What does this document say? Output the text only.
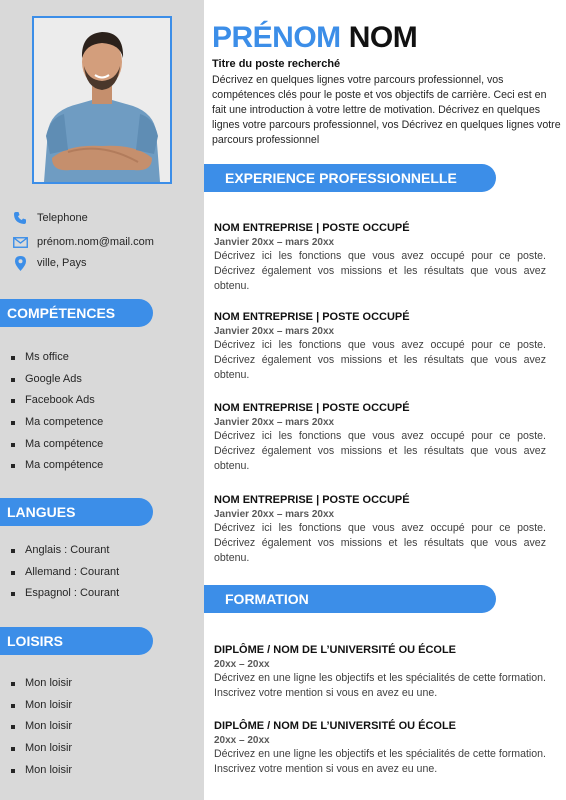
Telephone
prénom.nom@mail.com
ville, Pays
COMPÉTENCES
Ms office
Google Ads
Facebook Ads
Ma competence
Ma compétence
Ma compétence
LANGUES
Anglais : Courant
Allemand : Courant
Espagnol : Courant
LOISIRS
Mon loisir
Mon loisir
Mon loisir
Mon loisir
Mon loisir
PRÉNOM NOM
Titre du poste recherché
Décrivez en quelques lignes votre parcours professionnel, vos compétences clés pour le poste et vos objectifs de carrière. Ceci est en fait une introduction à votre lettre de motivation. Décrivez en quelques lignes votre parcours professionnel, vos Décrivez en quelques lignes votre parcours professionnel
EXPERIENCE PROFESSIONNELLE
NOM ENTREPRISE | POSTE OCCUPÉ
Janvier 20xx – mars 20xx
Décrivez ici les fonctions que vous avez occupé pour ce poste. Décrivez également vos missions et les résultats que vous avez obtenu.
NOM ENTREPRISE | POSTE OCCUPÉ
Janvier 20xx – mars 20xx
Décrivez ici les fonctions que vous avez occupé pour ce poste. Décrivez également vos missions et les résultats que vous avez obtenu.
NOM ENTREPRISE | POSTE OCCUPÉ
Janvier 20xx – mars 20xx
Décrivez ici les fonctions que vous avez occupé pour ce poste. Décrivez également vos missions et les résultats que vous avez obtenu.
NOM ENTREPRISE | POSTE OCCUPÉ
Janvier 20xx – mars 20xx
Décrivez ici les fonctions que vous avez occupé pour ce poste. Décrivez également vos missions et les résultats que vous avez obtenu.
FORMATION
DIPLÔME / NOM DE L’UNIVERSITÉ OU ÉCOLE
20xx – 20xx
Décrivez en une ligne les objectifs et les spécialités de cette formation. Inscrivez votre mention si vous en avez eu une.
DIPLÔME / NOM DE L’UNIVERSITÉ OU ÉCOLE
20xx – 20xx
Décrivez en une ligne les objectifs et les spécialités de cette formation. Inscrivez votre mention si vous en avez eu une.
